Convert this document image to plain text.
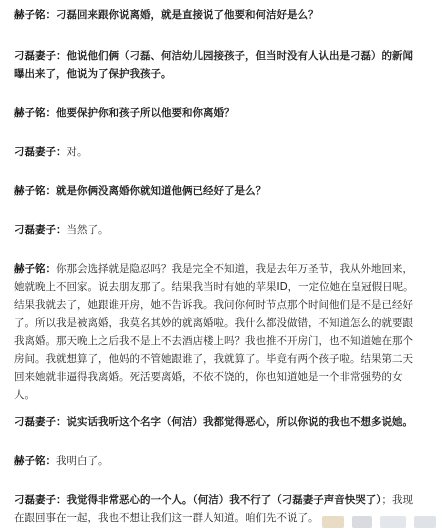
赫子铭：刁磊回来跟你说离婚，就是直接说了他要和何洁好是么？

刁磊妻子：他说他们俩（刁磊、何洁幼儿园接孩子，但当时没有人认出是刁磊）的新闻曝出来了，他说为了保护我孩子。

赫子铭：他要保护你和孩子所以他要和你离婚？

刁磊妻子：对。

赫子铭：就是你俩没离婚你就知道他俩已经好了是么？

刁磊妻子：当然了。

赫子铭：你那会选择就是隐忍吗？我是完全不知道，我是去年万圣节，我从外地回来，她就晚上不回家。说去朋友那了。结果我当时有她的苹果ID，一定位她在皇冠假日呢。结果我就去了，她跟谁开房，她不告诉我。我问你何时节点那个时间他们是不是已经好了。所以我是被离婚，我莫名其妙的就离婚啦。我什么都没做错，不知道怎么的就要跟我离婚。那天晚上之后我不是上不去酒店楼上吗？我也推不开房门，也不知道她在那个房间。我就想算了，他妈的不管她跟谁了，我就算了。毕竟有两个孩子啦。结果第二天回来她就非逼得我离婚。死活要离婚，不依不饶的，你也知道她是一个非常强势的女人。

刁磊妻子：说实话我听这个名字（何洁）我都觉得恶心，所以你说的我也不想多说她。

赫子铭：我明白了。

刁磊妻子：我觉得非常恶心的一个人。（何洁）我不行了（刁磊妻子声音快哭了）；我现在跟回事在一起，我也不想让我们这一群人知道。咱们先不说了。
